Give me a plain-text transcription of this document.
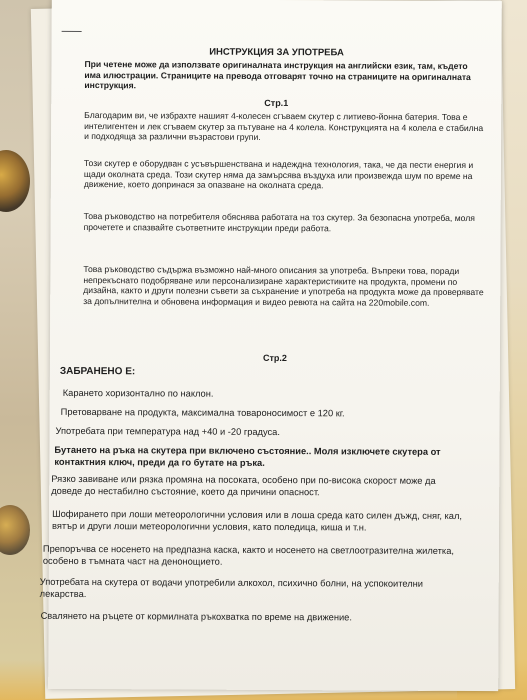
ИНСТРУКЦИЯ ЗА УПОТРЕБА

При четене може да използвате оригиналната инструкция на английски език, там, където има илюстрации. Страниците на превода отговарят точно на страниците на оригиналната инструкция.

Стр.1

Благодарим ви, че избрахте нашият 4-колесен сгъваем скутер с литиево-йонна батерия. Това е интелигентен и лек сгъваем скутер за пътуване на 4 колела. Конструкцията на 4 колела е стабилна и подходяща за различни възрастови групи.

Този скутер е оборудван с усъвършенствана и надеждна технология, така, че да пести енергия и щади околната среда. Този скутер няма да замърсява въздуха или произвежда шум по време на движение, което допринася за опазване на околната среда.

Това ръководство на потребителя обяснява работата на тоз скутер. За безопасна употреба, моля прочетете и спазвайте съответните инструкции преди работа.

Това ръководство съдържа възможно най-много описания за употреба. Въпреки това, поради непрекъснато подобряване или персонализиране характеристиките на продукта, промени по дизайна, както и други полезни съвети за съхранение и употреба на продукта може да проверявате за допълнителна и обновена информация и видео ревюта на сайта на 220mobile.com.

Стр.2

ЗАБРАНЕНО Е:

Карането хоризонтално по наклон.

Претоварване на продукта, максимална товароносимост е 120 кг.

Употребата при температура над +40 и -20 градуса.

Бутането на ръка на скутера при включено състояние.. Моля изключете скутера от контактния ключ, преди да го бутате на ръка.

Рязко завиване или рязка промяна на посоката, особено при по-висока скорост може да доведе до нестабилно състояние, което да причини опасност.

Шофирането при лоши метеорологични условия или в лоша среда като силен дъжд, сняг, кал, вятър и други лоши метеорологични условия, като поледица, киша и т.н.

Препоръчва се носенето на предпазна каска, както и носенето на светлоотразителна жилетка, особено в тъмната част на денонощието.

Употребата на скутера от водачи употребили алкохол, психично болни, на успокоителни лекарства.

Свалянето на ръцете от кормилната ръкохватка по време на движение.
